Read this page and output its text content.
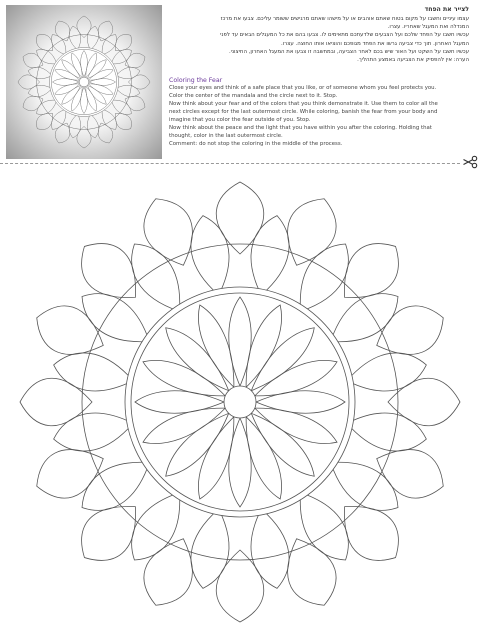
לצייר את הפחד
עצמו עיניים וחשבו על מקום בטוח שאתם אוהבים או על מישהו שאתם מרגישים ששומר עליכם. צבעו את מרכז
המנדלה ואת המעגל שאחריו. עצרו.
עכשיו חשבו על הפחד שלכם ועל הצבעים שלדעתכם מתאימים לו. צבעו בהם את כל המעגלים הבאים עד לפני
המעגל האחרון. תוך כדי צביעה גרשו את הפחד מגופכם והוציאו אותו החוצה. עצרו.
עכשיו חשבו על השקט ועל האור שיש בכם לאחר הצביעה, ובמחשבה זו צבעו את המעגל האחרון, החיצוני.
הערה: אין להפסיק את הצביעה באמצע התהליך.
Coloring the Fear
Close your eyes and think of a safe place that you like, or of someone whom you feel protects you.
Color the center of the mandala and the circle next to it. Stop.
Now think about your fear and of the colors that you think demonstrate it. Use them to color all the
next circles except for the last outermost circle. While coloring, banish the fear from your body and
imagine that you color the fear outside of you. Stop.
Now think about the peace and the light that you have within you after the coloring. Holding that
thought, color in the last outermost circle.
Comment: do not stop the coloring in the middle of the process.
